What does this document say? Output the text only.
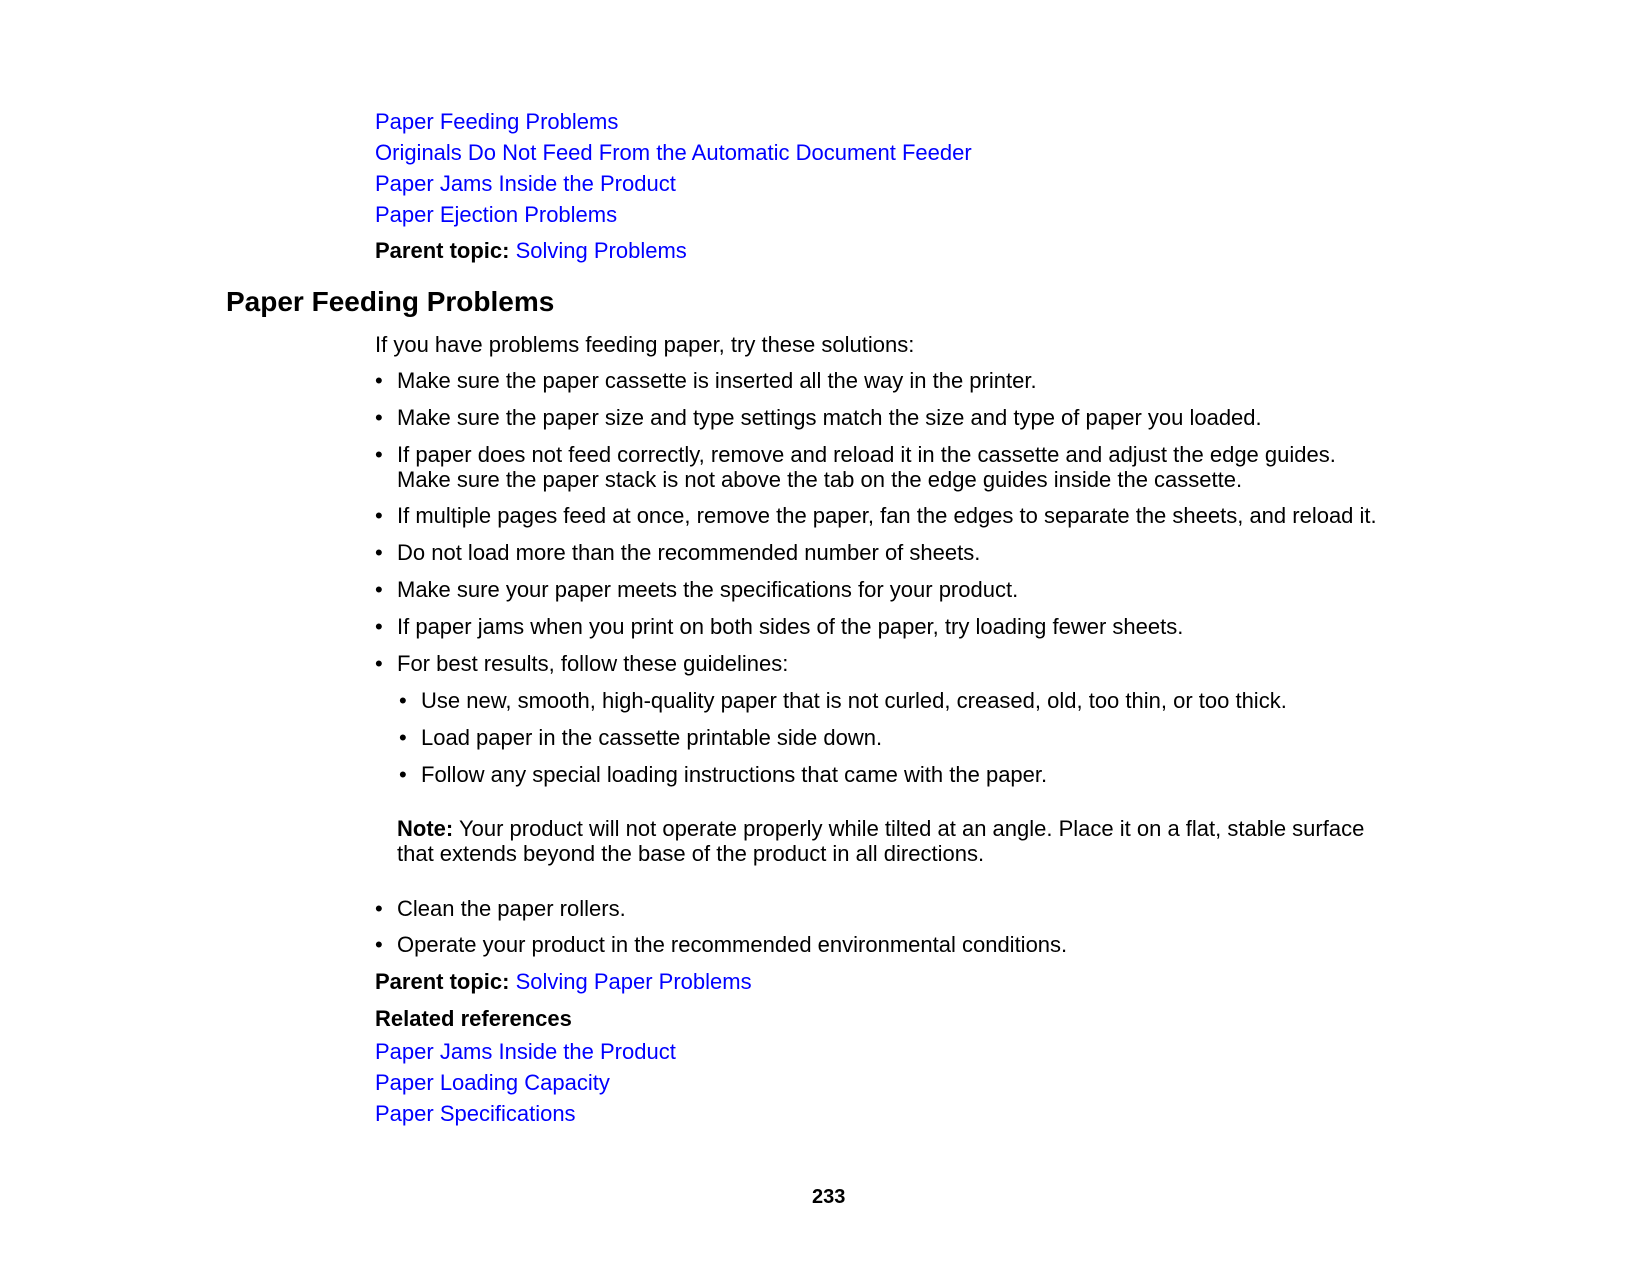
Paper Feeding Problems
Originals Do Not Feed From the Automatic Document Feeder
Paper Jams Inside the Product
Paper Ejection Problems
Parent topic: Solving Problems
Paper Feeding Problems
If you have problems feeding paper, try these solutions:
• Make sure the paper cassette is inserted all the way in the printer.
• Make sure the paper size and type settings match the size and type of paper you loaded.
• If paper does not feed correctly, remove and reload it in the cassette and adjust the edge guides.
Make sure the paper stack is not above the tab on the edge guides inside the cassette.
• If multiple pages feed at once, remove the paper, fan the edges to separate the sheets, and reload it.
• Do not load more than the recommended number of sheets.
• Make sure your paper meets the specifications for your product.
• If paper jams when you print on both sides of the paper, try loading fewer sheets.
• For best results, follow these guidelines:
• Use new, smooth, high-quality paper that is not curled, creased, old, too thin, or too thick.
• Load paper in the cassette printable side down.
• Follow any special loading instructions that came with the paper.
Note: Your product will not operate properly while tilted at an angle. Place it on a flat, stable surface
that extends beyond the base of the product in all directions.
• Clean the paper rollers.
• Operate your product in the recommended environmental conditions.
Parent topic: Solving Paper Problems
Related references
Paper Jams Inside the Product
Paper Loading Capacity
Paper Specifications
233
